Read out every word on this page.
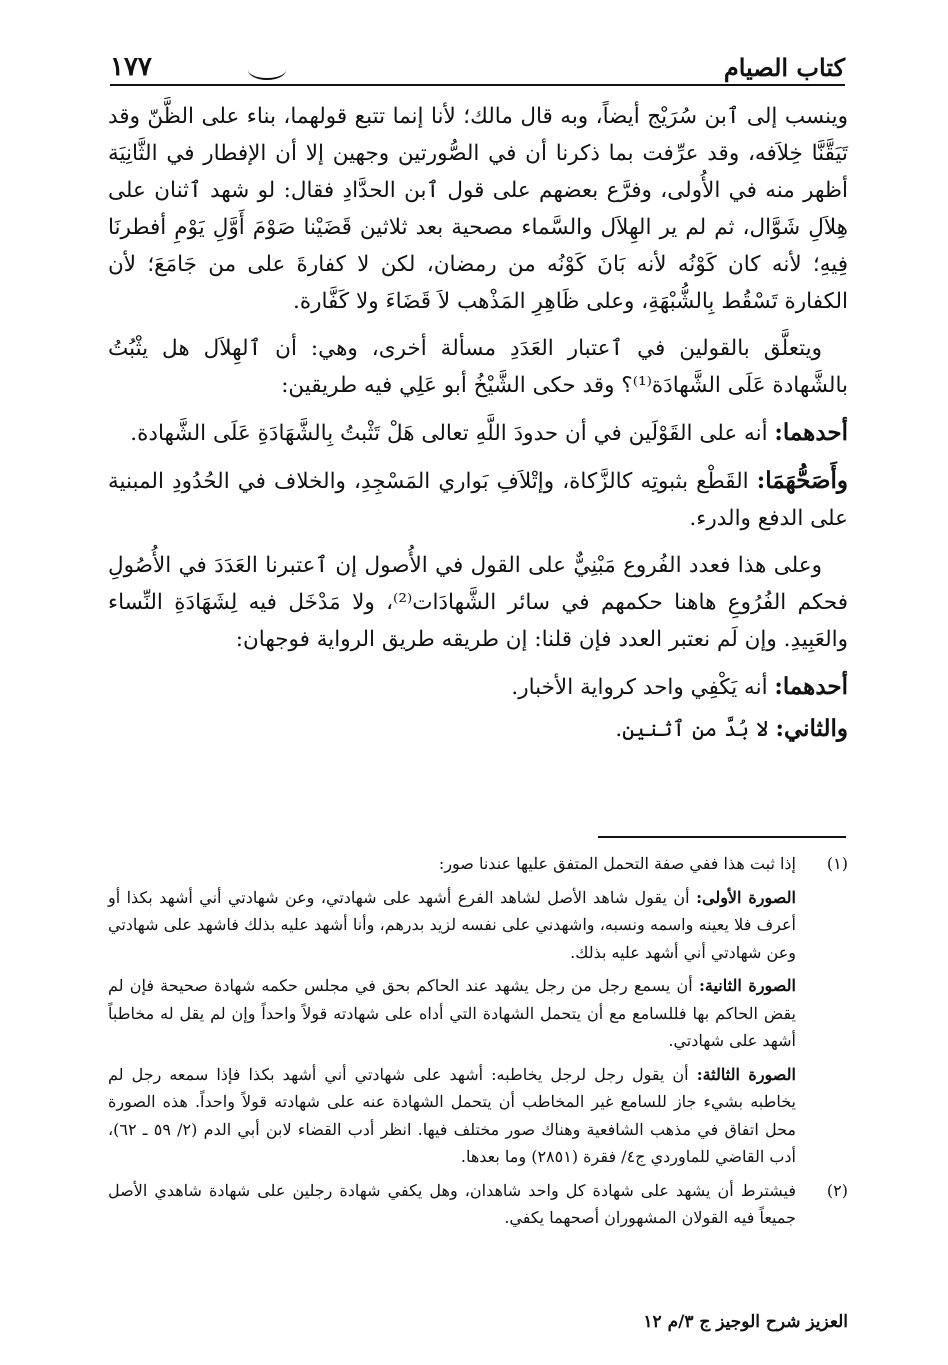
كتاب الصيام
١٧٧

وينسب إلى ٱبن سُرَيْج أيضاً، وبه قال مالك؛ لأنا إنما تتبع قولهما، بناء على الظَّنّ وقد تَيَقَّنَّا خِلاَفه، وقد عرِّفت بما ذكرنا أن في الصُّورتين وجهين إلا أن الإفطار في الثَّانِيَة أظهر منه في الأُولى، وفرَّع بعضهم على قول ٱبن الحدَّادِ فقال: لو شهد ٱثنان على هِلاَلِ شَوَّال، ثم لم ير الهِلاَل والسَّماء مصحية بعد ثلاثين قَضَيْنا صَوْمَ أَوَّلِ يَوْمِ أفطرنَا فِيهِ؛ لأنه كان كَوْنُه لأنه بَانَ كَوْنُه من رمضان، لكن لا كفارةَ على من جَامَعَ؛ لأن الكفارة تَسْقُط بِالشُّبْهَةِ، وعلى ظَاهِرِ المَذْهب لاَ قَضَاءَ ولا كَفَّارة.

ويتعلَّق بالقولين في ٱعتبار العَدَدِ مسألة أخرى، وهي: أن ٱلهِلاَل هل يثْبُتُ بالشَّهادة عَلَى الشَّهادَة⁽¹⁾؟ وقد حكى الشَّيْخُ أبو عَلِي فيه طريقين:

أحدهما: أنه على القَوْلَين في أن حدودَ اللَّهِ تعالى هَلْ تَثْبتُ بِالشَّهَادَةِ عَلَى الشَّهادة.

وأَصَحُّهَمَا: القَطْع بثبوتِه كالزَّكاة، وإتْلاَفِ بَواري المَسْجِدِ، والخلاف في الحُدُودِ المبنية على الدفع والدرء.

وعلى هذا فعدد الفُروع مَبْنِيٌّ على القول في الأُصول إن ٱعتبرنا العَدَدَ في الأُصُولِ فحكم الفُرُوعِ هاهنا حكمهم في سائر الشَّهادَات⁽²⁾، ولا مَدْخَل فيه لِشَهَادَةِ النِّساء والعَبِيدِ. وإن لَم نعتبر العدد فإن قلنا: إن طريقه طريق الرواية فوجهان:

أحدهما: أنه يَكْفِي واحد كرواية الأخبار.

والثاني: لا بُدَّ من ٱثنين.

(١)

إذا ثبت هذا ففي صفة التحمل المتفق عليها عندنا صور:

الصورة الأولى: أن يقول شاهد الأصل لشاهد الفرع أشهد على شهادتي، وعن شهادتي أني أشهد بكذا أو أعرف فلا يعينه واسمه ونسبه، واشهدني على نفسه لزيد بدرهم، وأنا أشهد عليه بذلك فاشهد على شهادتي وعن شهادتي أني أشهد عليه بذلك.

الصورة الثانية: أن يسمع رجل من رجل يشهد عند الحاكم بحق في مجلس حكمه شهادة صحيحة فإن لم يقض الحاكم بها فللسامع مع أن يتحمل الشهادة التي أداه على شهادته قولاً واحداً وإن لم يقل له مخاطباً أشهد على شهادتي.

الصورة الثالثة: أن يقول رجل لرجل يخاطبه: أشهد على شهادتي أني أشهد بكذا فإذا سمعه رجل لم يخاطبه بشيء جاز للسامع غير المخاطب أن يتحمل الشهادة عنه على شهادته قولاً واحداً. هذه الصورة محل اتفاق في مذهب الشافعية وهناك صور مختلف فيها. انظر أدب القضاء لابن أبي الدم (٢/ ٥٩ ـ ٦٢)، أدب القاضي للماوردي ج٤/ فقرة (٢٨٥١) وما بعدها.

(٢)

فيشترط أن يشهد على شهادة كل واحد شاهدان، وهل يكفي شهادة رجلين على شهادة شاهدي الأصل جميعاً فيه القولان المشهوران أصحهما يكفي.

العزيز شرح الوجيز ج ٣/م ١٢
